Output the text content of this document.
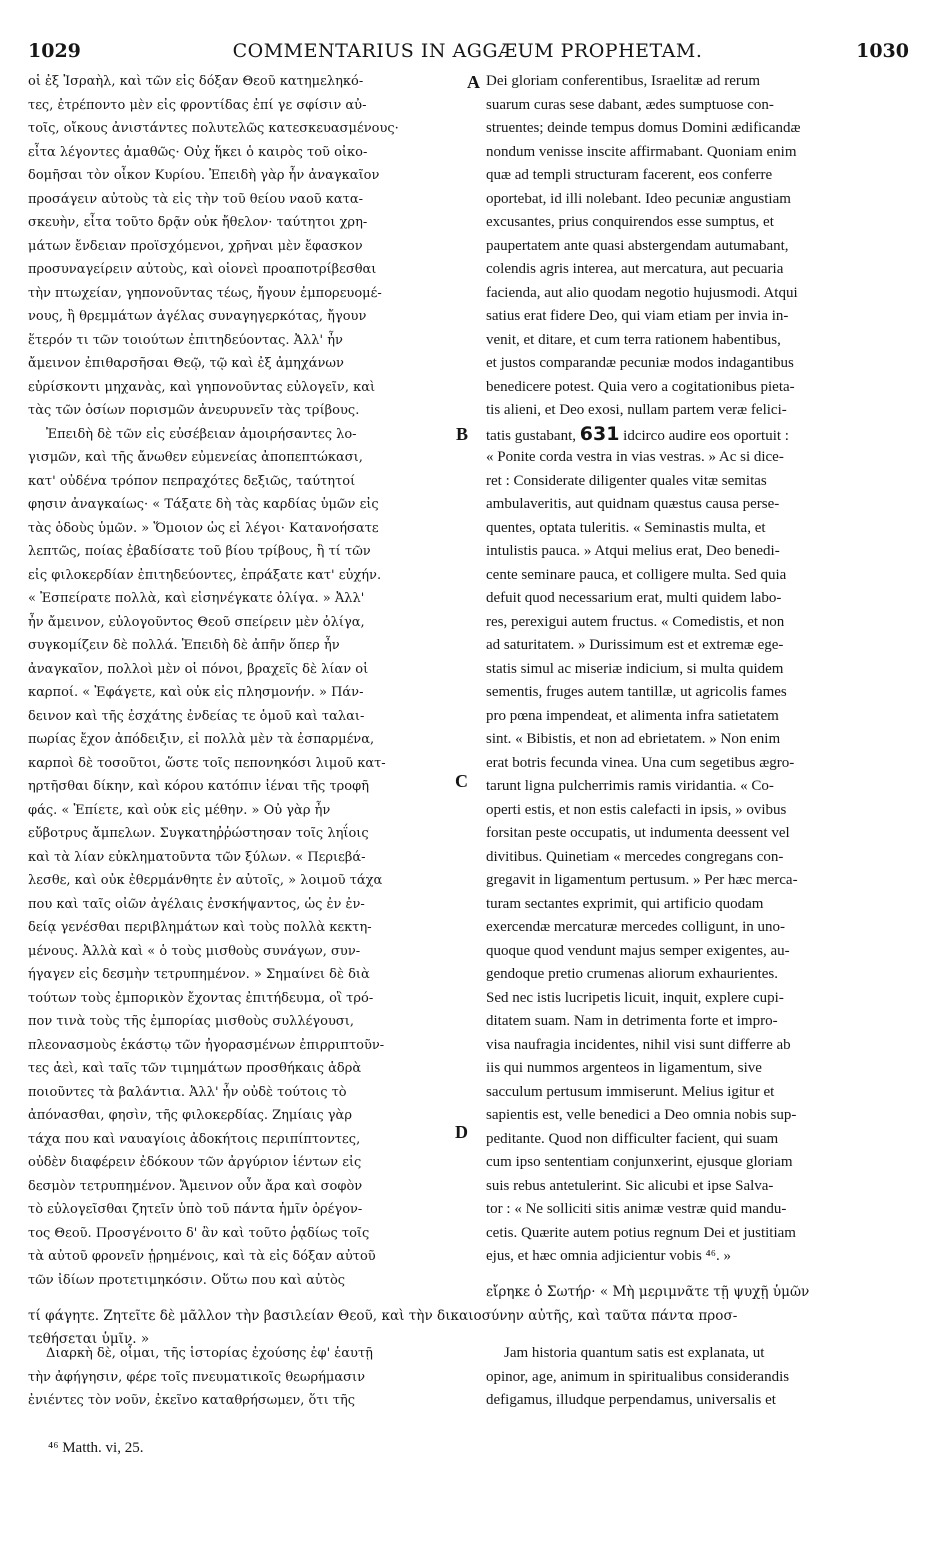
1029	COMMENTARIUS IN AGGÆUM PROPHETAM.	1030
οἱ ἐξ Ἰσραὴλ, καὶ τῶν εἰς δόξαν Θεοῦ κατημεληκό-
τες, ἐτρέποντο μὲν εἰς φροντίδας ἐπί γε σφίσιν αὐ-
τοῖς, οἴκους ἀνιστάντες πολυτελῶς κατεσκευασμένους·
εἶτα λέγοντες ἀμαθῶς· Οὐχ ἥκει ὁ καιρὸς τοῦ οἰκο-
δομῆσαι τὸν οἶκον Κυρίου. Ἐπειδὴ γὰρ ἦν ἀναγκαῖον
προσάγειν αὐτοὺς τὰ εἰς τὴν τοῦ θείου ναοῦ κατα-
σκευὴν, εἶτα τοῦτο δρᾷν οὐκ ἤθελον· ταύτητοι χρη-
μάτων ἔνδειαν προϊσχόμενοι, χρῆναι μὲν ἔφασκον
προσυναγείρειν αὐτοὺς, καὶ οἱονεὶ προαποτρίβεσθαι
τὴν πτωχείαν, γηπονοῦντας τέως, ἤγουν ἐμπορευομέ-
νους, ἢ θρεμμάτων ἀγέλας συναγηγερκότας, ἤγουν
ἕτερόν τι τῶν τοιούτων ἐπιτηδεύοντας. Ἀλλ' ἦν
ἄμεινον ἐπιθαρσῆσαι Θεῷ, τῷ καὶ ἐξ ἀμηχάνων
εὑρίσκοντι μηχανὰς, καὶ γηπονοῦντας εὐλογεῖν, καὶ
τὰς τῶν ὁσίων πορισμῶν ἀνευρυνεῖν τὰς τρίβους.
Ἐπειδὴ δὲ τῶν εἰς εὐσέβειαν ἀμοιρήσαντες λο-
γισμῶν, καὶ τῆς ἄνωθεν εὐμενείας ἀποπεπτώκασι,
κατ' οὐδένα τρόπον πεπραχότες δεξιῶς, ταύτητοί
φησιν ἀναγκαίως· « Τάξατε δὴ τὰς καρδίας ὑμῶν εἰς
τὰς ὁδοὺς ὑμῶν. » Ὅμοιον ὡς εἰ λέγοι· Κατανοήσατε
λεπτῶς, ποίας ἐβαδίσατε τοῦ βίου τρίβους, ἢ τί τῶν
εἰς φιλοκερδίαν ἐπιτηδεύοντες, ἐπράξατε κατ' εὐχήν.
« Ἐσπείρατε πολλὰ, καὶ εἰσηνέγκατε ὀλίγα. » Ἀλλ'
ἦν ἄμεινον, εὐλογοῦντος Θεοῦ σπείρειν μὲν ὀλίγα,
συγκομίζειν δὲ πολλά. Ἐπειδὴ δὲ ἀπῆν ὅπερ ἦν
ἀναγκαῖον, πολλοὶ μὲν οἱ πόνοι, βραχεῖς δὲ λίαν οἱ
καρποί. « Ἐφάγετε, καὶ οὐκ εἰς πλησμονήν. » Πάν-
δεινον καὶ τῆς ἐσχάτης ἐνδείας τε ὁμοῦ καὶ ταλαι-
πωρίας ἔχον ἀπόδειξιν, εἰ πολλὰ μὲν τὰ ἐσπαρμένα,
καρποὶ δὲ τοσοῦτοι, ὥστε τοῖς πεπονηκόσι λιμοῦ κατ-
ηρτῆσθαι δίκην, καὶ κόρου κατόπιν ἰέναι τῆς τροφῆ
φάς. « Ἐπίετε, καὶ οὐκ εἰς μέθην. » Οὐ γὰρ ἦν
εὔβοτρυς ἄμπελων. Συγκατηῤῥώστησαν τοῖς ληΐοις
καὶ τὰ λίαν εὐκληματοῦντα τῶν ξύλων. « Περιεβά-
λεσθε, καὶ οὐκ ἐθερμάνθητε ἐν αὐτοῖς, » λοιμοῦ τάχα
που καὶ ταῖς οἰῶν ἀγέλαις ἐνσκήψαντος, ὡς ἐν ἐν-
δείᾳ γενέσθαι περιβλημάτων καὶ τοὺς πολλὰ κεκτη-
μένους. Ἀλλὰ καὶ « ὁ τοὺς μισθοὺς συνάγων, συν-
ήγαγεν εἰς δεσμὴν τετρυπημένον. » Σημαίνει δὲ διὰ
τούτων τοὺς ἐμπορικὸν ἔχοντας ἐπιτήδευμα, οἳ τρό-
πον τινὰ τοὺς τῆς ἐμπορίας μισθοὺς συλλέγουσι,
πλεονασμοὺς ἑκάστῳ τῶν ἠγορασμένων ἐπιρριπτοῦν-
τες ἀεὶ, καὶ ταῖς τῶν τιμημάτων προσθήκαις ἁδρὰ
ποιοῦντες τὰ βαλάντια. Ἀλλ' ἦν οὐδὲ τούτοις τὸ
ἀπόνασθαι, φησὶν, τῆς φιλοκερδίας. Ζημίαις γὰρ
τάχα που καὶ ναυαγίοις ἀδοκήτοις περιπίπτοντες,
οὐδὲν διαφέρειν ἐδόκουν τῶν ἀργύριον ἱέντων εἰς
δεσμὸν τετρυπημένον. Ἄμεινον οὖν ἄρα καὶ σοφὸν
τὸ εὐλογεῖσθαι ζητεῖν ὑπὸ τοῦ πάντα ἡμῖν ὀρέγον-
τος Θεοῦ. Προσγένοιτο δ' ἂν καὶ τοῦτο ῥᾳδίως τοῖς
τὰ αὐτοῦ φρονεῖν ᾑρημένοις, καὶ τὰ εἰς δόξαν αὐτοῦ
τῶν ἰδίων προτετιμηκόσιν. Οὕτω που καὶ αὐτὸς
Dei gloriam conferentibus, Israelitæ ad rerum
suarum curas sese dabant, ædes sumptuose con-
struentes; deinde tempus domus Domini ædificandæ
nondum venisse inscite affirmabant. Quoniam enim
quæ ad templi structuram facerent, eos conferre
oportebat, id illi nolebant. Ideo pecuniæ angustiam
excusantes, prius conquirendos esse sumptus, et
paupertatem ante quasi abstergendam autumabant,
colendis agris interea, aut mercatura, aut pecuaria
facienda, aut alio quodam negotio hujusmodi. Atqui
satius erat fidere Deo, qui viam etiam per invia in-
venit, et ditare, et cum terra rationem habentibus,
et justos comparandæ pecuniæ modos indagantibus
benedicere potest. Quia vero a cogitationibus pieta-
tis alieni, et Deo exosi, nullam partem veræ felici-
tatis gustabant, 631 idcirco audire eos oportuit :
« Ponite corda vestra in vias vestras. » Ac si dice-
ret : Considerate diligenter quales vitæ semitas
ambulaveritis, aut quidnam quæstus causa perse-
quentes, optata tuleritis. « Seminastis multa, et
intulistis pauca. » Atqui melius erat, Deo benedi-
cente seminare pauca, et colligere multa. Sed quia
defuit quod necessarium erat, multi quidem labo-
res, perexigui autem fructus. « Comedistis, et non
ad saturitatem. » Durissimum est et extremæ ege-
statis simul ac miseriæ indicium, si multa quidem
sementis, fruges autem tantillæ, ut agricolis fames
pro pœna impendeat, et alimenta infra satietatem
sint. « Bibistis, et non ad ebrietatem. » Non enim
erat botris fecunda vinea. Una cum segetibus ægro-
tarunt ligna pulcherrimis ramis viridantia. « Co-
operti estis, et non estis calefacti in ipsis, » ovibus
forsitan peste occupatis, ut indumenta deessent vel
divitibus. Quinetiam « mercedes congregans con-
gregavit in ligamentum pertusum. » Per hæc merca-
turam sectantes exprimit, qui artificio quodam
exercendæ mercaturæ mercedes colligunt, in uno-
quoque quod vendunt majus semper exigentes, au-
gendoque pretio crumenas aliorum exhaurientes.
Sed nec istis lucripetis licuit, inquit, explere cupi-
ditatem suam. Nam in detrimenta forte et impro-
visa naufragia incidentes, nihil visi sunt differre ab
iis qui nummos argenteos in ligamentum, sive
sacculum pertusum immiserunt. Melius igitur et
sapientis est, velle benedici a Deo omnia nobis sup-
peditante. Quod non difficulter facient, qui suam
cum ipso sententiam conjunxerint, ejusque gloriam
suis rebus antetulerint. Sic alicubi et ipse Salva-
tor : « Ne solliciti sitis animæ vestræ quid mandu-
cetis. Quærite autem potius regnum Dei et justitiam
ejus, et hæc omnia adjicientur vobis ⁴⁶. »
A
B
C
D
εἴρηκε ὁ Σωτήρ· « Μὴ μεριμνᾶτε τῇ ψυχῇ ὑμῶν
τί φάγητε. Ζητεῖτε δὲ μᾶλλον τὴν βασιλείαν Θεοῦ, καὶ τὴν δικαιοσύνην αὐτῆς, καὶ ταῦτα πάντα προσ-
τεθήσεται ὑμῖν. »
Διαρκὴ δὲ, οἶμαι, τῆς ἱστορίας ἐχούσης ἐφ' ἑαυτῇ
τὴν ἀφήγησιν, φέρε τοῖς πνευματικοῖς θεωρήμασιν
ἐνιέντες τὸν νοῦν, ἐκεῖνο καταθρήσωμεν, ὅτι τῆς
Jam historia quantum satis est explanata, ut
opinor, age, animum in spiritualibus considerandis
defigamus, illudque perpendamus, universalis et
⁴⁶ Matth. vi, 25.
